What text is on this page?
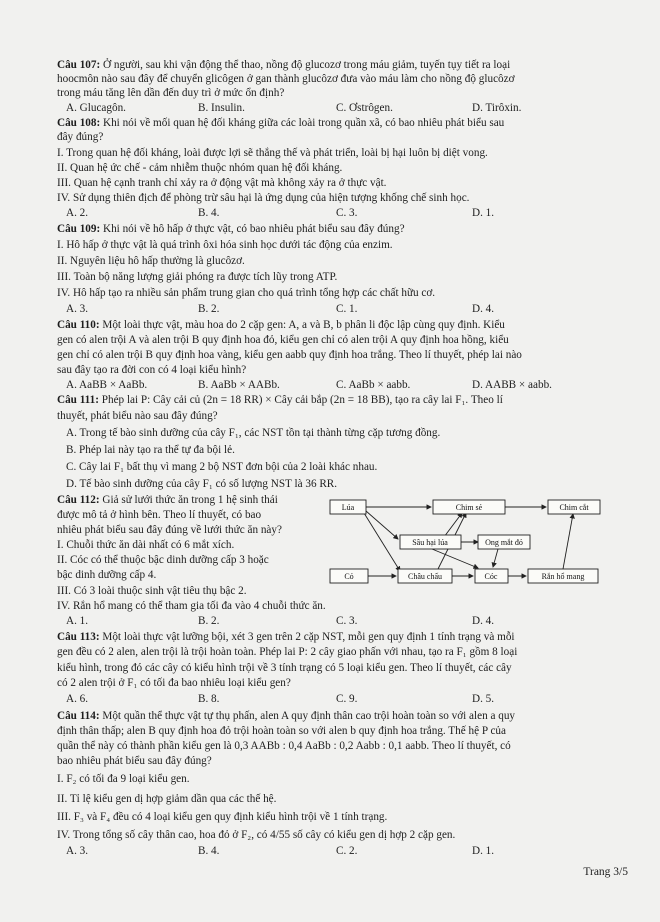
Câu 107: Ở người, sau khi vận động thể thao, nồng độ glucozơ trong máu giảm, tuyến tụy tiết ra loại
hoocmôn nào sau đây để chuyển glicôgen ở gan thành glucôzơ đưa vào máu làm cho nồng độ glucôzơ
trong máu tăng lên dần đến duy trì ở mức ổn định?
A. Glucagôn.	B. Insulin.	C. Ơstrôgen.	D. Tirôxin.
Câu 108: Khi nói về mối quan hệ đối kháng giữa các loài trong quần xã, có bao nhiêu phát biểu sau
đây đúng?
I. Trong quan hệ đối kháng, loài được lợi sẽ thắng thế và phát triển, loài bị hại luôn bị diệt vong.
II. Quan hệ ức chế - cảm nhiễm thuộc nhóm quan hệ đối kháng.
III. Quan hệ cạnh tranh chỉ xảy ra ở động vật mà không xảy ra ở thực vật.
IV. Sử dụng thiên địch để phòng trừ sâu hại là ứng dụng của hiện tượng khống chế sinh học.
A. 2.	B. 4.	C. 3.	D. 1.
Câu 109: Khi nói về hô hấp ở thực vật, có bao nhiêu phát biểu sau đây đúng?
I. Hô hấp ở thực vật là quá trình ôxi hóa sinh học dưới tác động của enzim.
II. Nguyên liệu hô hấp thường là glucôzơ.
III. Toàn bộ năng lượng giải phóng ra được tích lũy trong ATP.
IV. Hô hấp tạo ra nhiều sản phẩm trung gian cho quá trình tổng hợp các chất hữu cơ.
A. 3.	B. 2.	C. 1.	D. 4.
Câu 110: Một loài thực vật, màu hoa do 2 cặp gen: A, a và B, b phân li độc lập cùng quy định. Kiểu
gen có alen trội A và alen trội B quy định hoa đỏ, kiểu gen chỉ có alen trội A quy định hoa hồng, kiểu
gen chỉ có alen trội B quy định hoa vàng, kiểu gen aabb quy định hoa trắng. Theo lí thuyết, phép lai nào
sau đây tạo ra đời con có 4 loại kiểu hình?
A. AaBB × AaBb.	B. AaBb × AABb.	C. AaBb × aabb.	D. AABB × aabb.
Câu 111: Phép lai P: Cây cải củ (2n = 18 RR) × Cây cải bắp (2n = 18 BB), tạo ra cây lai F₁. Theo lí
thuyết, phát biểu nào sau đây đúng?
A. Trong tế bào sinh dưỡng của cây F₁, các NST tồn tại thành từng cặp tương đồng.
B. Phép lai này tạo ra thể tự đa bội lẻ.
C. Cây lai F₁ bất thụ vì mang 2 bộ NST đơn bội của 2 loài khác nhau.
D. Tế bào sinh dưỡng của cây F₁ có số lượng NST là 36 RR.
Câu 112: Giả sử lưới thức ăn trong 1 hệ sinh thái
được mô tả ở hình bên. Theo lí thuyết, có bao
nhiêu phát biểu sau đây đúng về lưới thức ăn này?
I. Chuỗi thức ăn dài nhất có 6 mắt xích.
II. Cóc có thể thuộc bậc dinh dưỡng cấp 3 hoặc
bậc dinh dưỡng cấp 4.
III. Có 3 loài thuộc sinh vật tiêu thụ bậc 2.
IV. Rắn hổ mang có thể tham gia tối đa vào 4 chuỗi thức ăn.
A. 1.	B. 2.	C. 3.	D. 4.
Lúa	Chim sẻ	Chim cắt
Sâu hại lúa	Ong mắt đỏ
Cỏ	Châu chấu	Cóc	Rắn hổ mang
Câu 113: Một loài thực vật lưỡng bội, xét 3 gen trên 2 cặp NST, mỗi gen quy định 1 tính trạng và mỗi
gen đều có 2 alen, alen trội là trội hoàn toàn. Phép lai P: 2 cây giao phấn với nhau, tạo ra F₁ gồm 8 loại
kiểu hình, trong đó các cây có kiểu hình trội về 3 tính trạng có 5 loại kiểu gen. Theo lí thuyết, các cây
có 2 alen trội ở F₁ có tối đa bao nhiêu loại kiểu gen?
A. 6.	B. 8.	C. 9.	D. 5.
Câu 114: Một quần thể thực vật tự thụ phấn, alen A quy định thân cao trội hoàn toàn so với alen a quy
định thân thấp; alen B quy định hoa đỏ trội hoàn toàn so với alen b quy định hoa trắng. Thế hệ P của
quần thể này có thành phần kiểu gen là 0,3 AABb : 0,4 AaBb : 0,2 Aabb : 0,1 aabb. Theo lí thuyết, có
bao nhiêu phát biểu sau đây đúng?
I. F₂ có tối đa 9 loại kiểu gen.
II. Tỉ lệ kiểu gen dị hợp giảm dần qua các thế hệ.
III. F₃ và F₄ đều có 4 loại kiểu gen quy định kiểu hình trội về 1 tính trạng.
IV. Trong tổng số cây thân cao, hoa đỏ ở F₂, có 4/55 số cây có kiểu gen dị hợp 2 cặp gen.
A. 3.	B. 4.	C. 2.	D. 1.
Trang 3/5
